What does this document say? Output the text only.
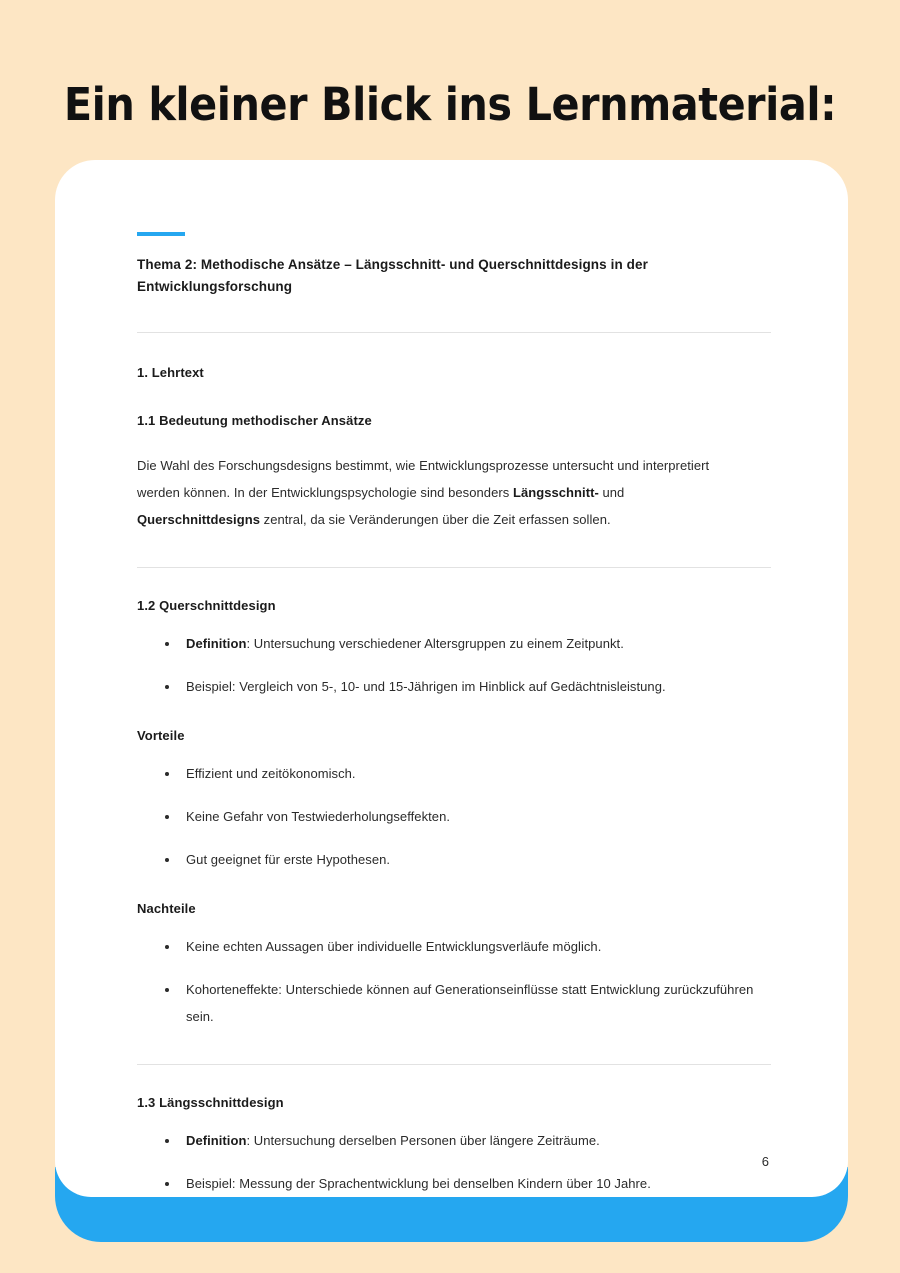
Ein kleiner Blick ins Lernmaterial:

Thema 2: Methodische Ansätze – Längsschnitt- und Querschnittdesigns in der Entwicklungsforschung

1. Lehrtext
1.1 Bedeutung methodischer Ansätze

Die Wahl des Forschungsdesigns bestimmt, wie Entwicklungsprozesse untersucht und interpretiert werden können. In der Entwicklungspsychologie sind besonders Längsschnitt- und Querschnittdesigns zentral, da sie Veränderungen über die Zeit erfassen sollen.

1.2 Querschnittdesign
Definition: Untersuchung verschiedener Altersgruppen zu einem Zeitpunkt.
Beispiel: Vergleich von 5-, 10- und 15-Jährigen im Hinblick auf Gedächtnisleistung.
Vorteile
Effizient und zeitökonomisch.
Keine Gefahr von Testwiederholungseffekten.
Gut geeignet für erste Hypothesen.
Nachteile
Keine echten Aussagen über individuelle Entwicklungsverläufe möglich.
Kohorteneffekte: Unterschiede können auf Generationseinflüsse statt Entwicklung zurückzuführen sein.
1.3 Längsschnittdesign
Definition: Untersuchung derselben Personen über längere Zeiträume.
Beispiel: Messung der Sprachentwicklung bei denselben Kindern über 10 Jahre.
6
